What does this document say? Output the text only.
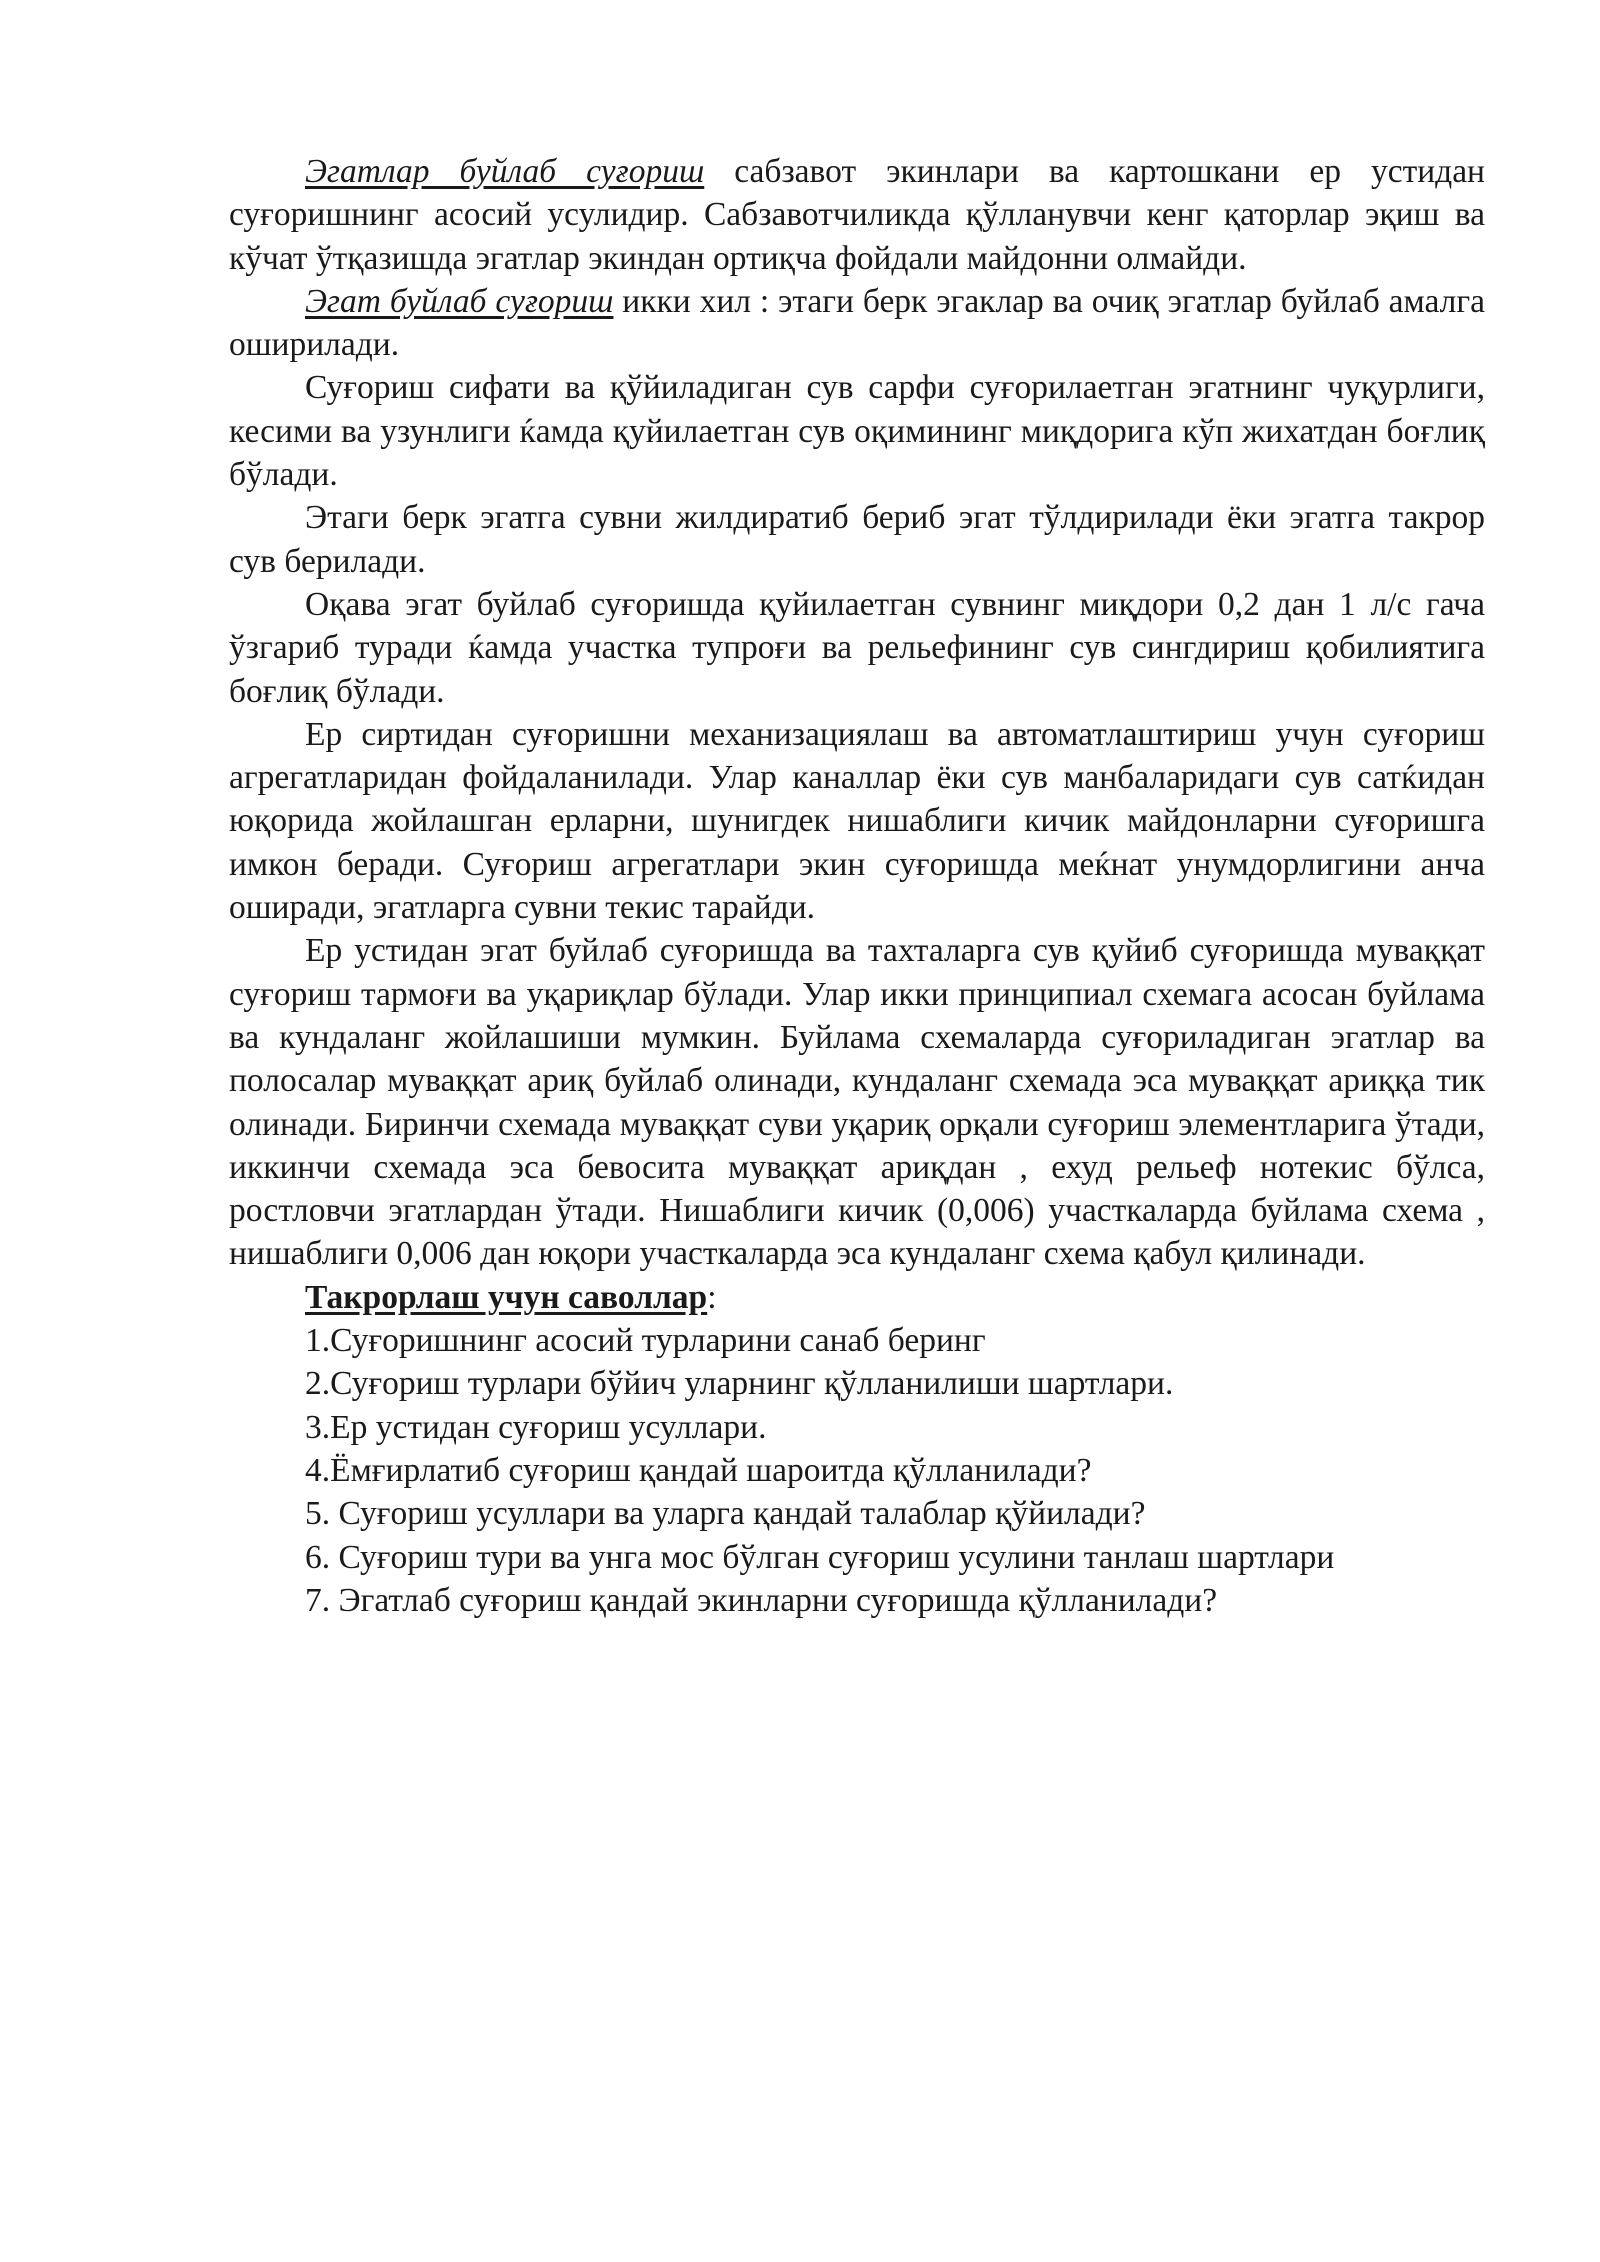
Эгатлар буйлаб суғориш сабзавот экинлари ва картошкани ер устидан суғоришнинг асосий усулидир. Сабзавотчиликда қўлланувчи кенг қаторлар эқиш ва кўчат ўтқазишда эгатлар экиндан ортиқча фойдали майдонни олмайди.

Эгат буйлаб суғориш икки хил : этаги берк эгаклар ва очиқ эгатлар буйлаб амалга оширилади.

Суғориш сифати ва қўйиладиган сув сарфи суғорилаетган эгатнинг чуқурлиги, кесими ва узунлиги ќамда қуйилаетган сув оқимининг миқдорига кўп жихатдан боғлиқ бўлади.

Этаги берк эгатга сувни жилдиратиб бериб эгат тўлдирилади ёки эгатга такрор сув берилади.

Оқава эгат буйлаб суғоришда қуйилаетган сувнинг миқдори 0,2 дан 1 л/с гача ўзгариб туради ќамда участка тупроғи ва рельефининг сув сингдириш қобилиятига боғлиқ бўлади.

Ер сиртидан суғоришни механизациялаш ва автоматлаштириш учун суғориш агрегатларидан фойдаланилади. Улар каналлар ёки сув манбаларидаги сув сатќидан юқорида жойлашган ерларни, шунигдек нишаблиги кичик майдонларни суғоришга имкон беради. Суғориш агрегатлари экин суғоришда меќнат унумдорлигини анча оширади, эгатларга сувни текис тарайди.

Ер устидан эгат буйлаб суғоришда ва тахталарга сув қуйиб суғоришда муваққат суғориш тармоғи ва уқариқлар бўлади. Улар икки принципиал схемага асосан буйлама ва кундаланг жойлашиши мумкин. Буйлама схемаларда суғориладиган эгатлар ва полосалар муваққат ариқ буйлаб олинади, кундаланг схемада эса муваққат ариққа тик олинади. Биринчи схемада муваққат суви уқариқ орқали суғориш элементларига ўтади, иккинчи схемада эса бевосита муваққат ариқдан , ехуд рельеф нотекис бўлса, ростловчи эгатлардан ўтади. Нишаблиги кичик (0,006) участкаларда буйлама схема , нишаблиги 0,006 дан юқори участкаларда эса кундаланг схема қабул қилинади.

Такрорлаш учун саволлар:

1.Суғоришнинг асосий турларини санаб беринг
2.Суғориш турлари бўйич уларнинг қўлланилиши шартлари.
3.Ер устидан суғориш усуллари.
4.Ёмғирлатиб суғориш қандай шароитда қўлланилади?
5. Суғориш усуллари ва уларга қандай талаблар қўйилади?
6. Суғориш тури ва унга мос бўлган суғориш усулини танлаш шартлари
7. Эгатлаб суғориш қандай экинларни суғоришда қўлланилади?
